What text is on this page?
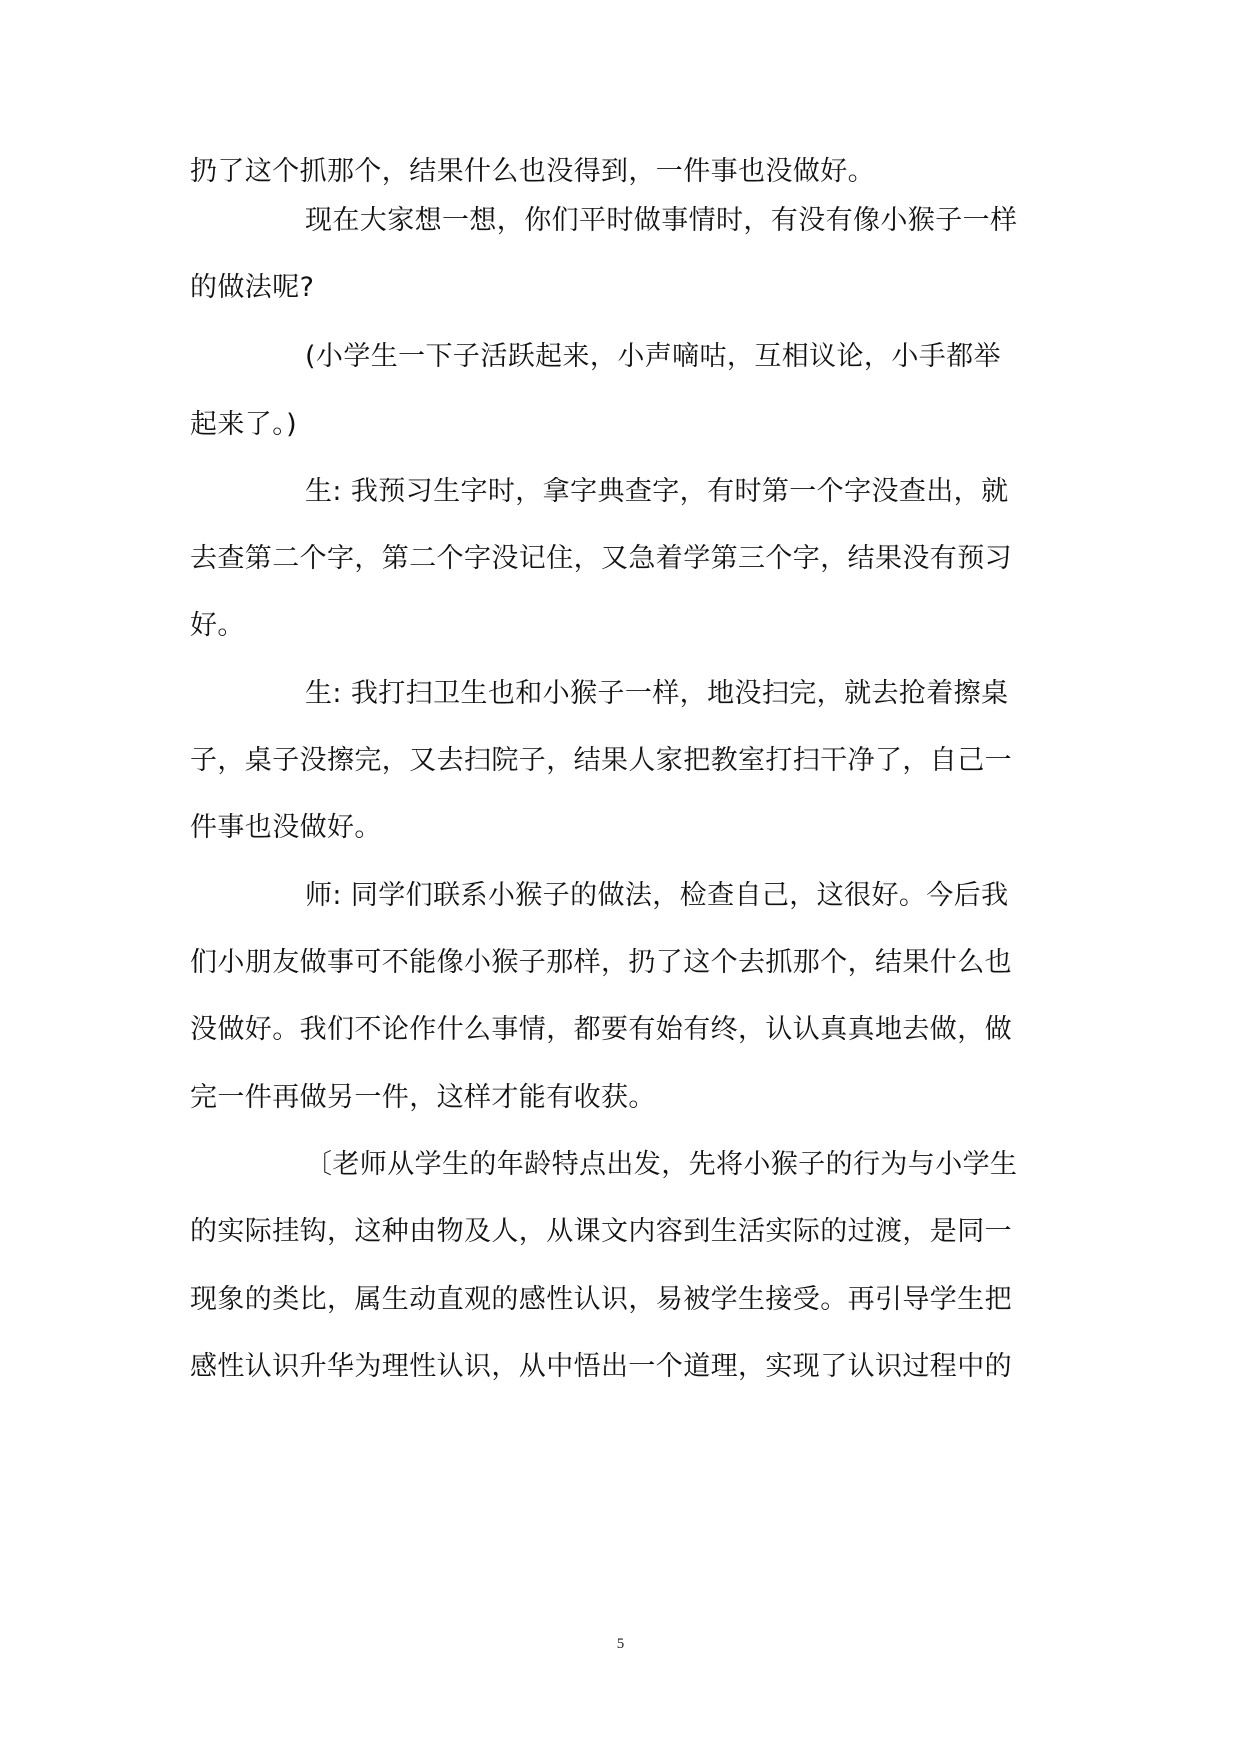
扔了这个抓那个，结果什么也没得到，一件事也没做好。
现在大家想一想，你们平时做事情时，有没有像小猴子一样
的做法呢?
(小学生一下子活跃起来，小声嘀咕，互相议论，小手都举
起来了。)
生: 我预习生字时，拿字典查字，有时第一个字没查出，就
去查第二个字，第二个字没记住，又急着学第三个字，结果没有预习
好。
生: 我打扫卫生也和小猴子一样，地没扫完，就去抢着擦桌
子，桌子没擦完，又去扫院子，结果人家把教室打扫干净了，自己一
件事也没做好。
师: 同学们联系小猴子的做法，检查自己，这很好。今后我
们小朋友做事可不能像小猴子那样，扔了这个去抓那个，结果什么也
没做好。我们不论作什么事情，都要有始有终，认认真真地去做，做
完一件再做另一件，这样才能有收获。
〔老师从学生的年龄特点出发，先将小猴子的行为与小学生
的实际挂钩，这种由物及人，从课文内容到生活实际的过渡，是同一
现象的类比，属生动直观的感性认识，易被学生接受。再引导学生把
感性认识升华为理性认识，从中悟出一个道理，实现了认识过程中的
5
